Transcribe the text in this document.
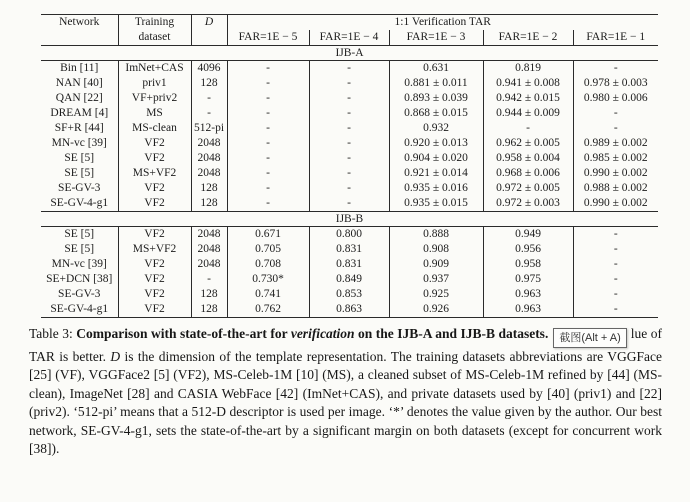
Network	Training
dataset	D	1:1 Verification TAR				
			FAR=1E − 5	FAR=1E − 4	FAR=1E − 3	FAR=1E − 2	FAR=1E − 1
IJB-A							
Bin [11]	ImNet+CAS	4096	-	-	0.631	0.819	-
NAN [40]	priv1	128	-	-	0.881 ± 0.011	0.941 ± 0.008	0.978 ± 0.003
QAN [22]	VF+priv2	-	-	-	0.893 ± 0.039	0.942 ± 0.015	0.980 ± 0.006
DREAM [4]	MS	-	-	-	0.868 ± 0.015	0.944 ± 0.009	-
SF+R [44]	MS-clean	512-pi	-	-	0.932	-	-
MN-vc [39]	VF2	2048	-	-	0.920 ± 0.013	0.962 ± 0.005	0.989 ± 0.002
SE [5]	VF2	2048	-	-	0.904 ± 0.020	0.958 ± 0.004	0.985 ± 0.002
SE [5]	MS+VF2	2048	-	-	0.921 ± 0.014	0.968 ± 0.006	0.990 ± 0.002
SE-GV-3	VF2	128	-	-	0.935 ± 0.016	0.972 ± 0.005	0.988 ± 0.002
SE-GV-4-g1	VF2	128	-	-	0.935 ± 0.015	0.972 ± 0.003	0.990 ± 0.002
IJB-B							
SE [5]	VF2	2048	0.671	0.800	0.888	0.949	-
SE [5]	MS+VF2	2048	0.705	0.831	0.908	0.956	-
MN-vc [39]	VF2	2048	0.708	0.831	0.909	0.958	-
SE+DCN [38]	VF2	-	0.730*	0.849	0.937	0.975	-
SE-GV-3	VF2	128	0.741	0.853	0.925	0.963	-
SE-GV-4-g1	VF2	128	0.762	0.863	0.926	0.963	-

Table 3: Comparison with state-of-the-art for verification on the IJB-A and IJB-B datasets. 截图(Alt + A) lue of TAR is better. D is the dimension of the template representation. The training datasets abbreviations are VGGFace [25] (VF), VGGFace2 [5] (VF2), MS-Celeb-1M [10] (MS), a cleaned subset of MS-Celeb-1M refined by [44] (MS-clean), ImageNet [28] and CASIA WebFace [42] (ImNet+CAS), and private datasets used by [40] (priv1) and [22] (priv2). ‘512-pi’ means that a 512-D descriptor is used per image. ‘*’ denotes the value given by the author. Our best network, SE-GV-4-g1, sets the state-of-the-art by a significant margin on both datasets (except for concurrent work [38]).
